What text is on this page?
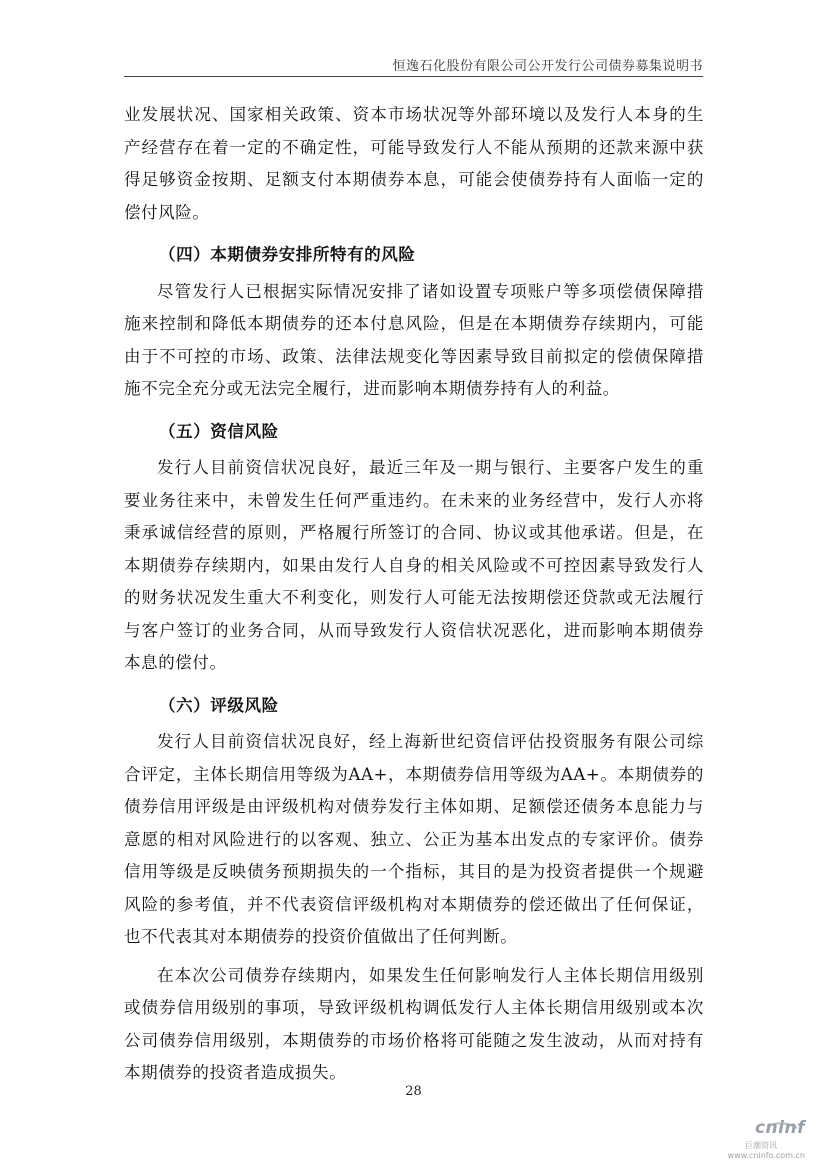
恒逸石化股份有限公司公开发行公司债券募集说明书

业发展状况、国家相关政策、资本市场状况等外部环境以及发行人本身的生产经营存在着一定的不确定性，可能导致发行人不能从预期的还款来源中获得足够资金按期、足额支付本期债券本息，可能会使债券持有人面临一定的偿付风险。

（四）本期债券安排所特有的风险

尽管发行人已根据实际情况安排了诸如设置专项账户等多项偿债保障措施来控制和降低本期债券的还本付息风险，但是在本期债券存续期内，可能由于不可控的市场、政策、法律法规变化等因素导致目前拟定的偿债保障措施不完全充分或无法完全履行，进而影响本期债券持有人的利益。

（五）资信风险

发行人目前资信状况良好，最近三年及一期与银行、主要客户发生的重要业务往来中，未曾发生任何严重违约。在未来的业务经营中，发行人亦将秉承诚信经营的原则，严格履行所签订的合同、协议或其他承诺。但是，在本期债券存续期内，如果由发行人自身的相关风险或不可控因素导致发行人的财务状况发生重大不利变化，则发行人可能无法按期偿还贷款或无法履行与客户签订的业务合同，从而导致发行人资信状况恶化，进而影响本期债券本息的偿付。

（六）评级风险

发行人目前资信状况良好，经上海新世纪资信评估投资服务有限公司综合评定，主体长期信用等级为AA+，本期债券信用等级为AA+。本期债券的债券信用评级是由评级机构对债券发行主体如期、足额偿还债务本息能力与意愿的相对风险进行的以客观、独立、公正为基本出发点的专家评价。债券信用等级是反映债务预期损失的一个指标，其目的是为投资者提供一个规避风险的参考值，并不代表资信评级机构对本期债券的偿还做出了任何保证，也不代表其对本期债券的投资价值做出了任何判断。

在本次公司债券存续期内，如果发生任何影响发行人主体长期信用级别或债券信用级别的事项，导致评级机构调低发行人主体长期信用级别或本次公司债券信用级别，本期债券的市场价格将可能随之发生波动，从而对持有本期债券的投资者造成损失。

28
cninf
巨潮资讯
www.cninfo.com.cn
